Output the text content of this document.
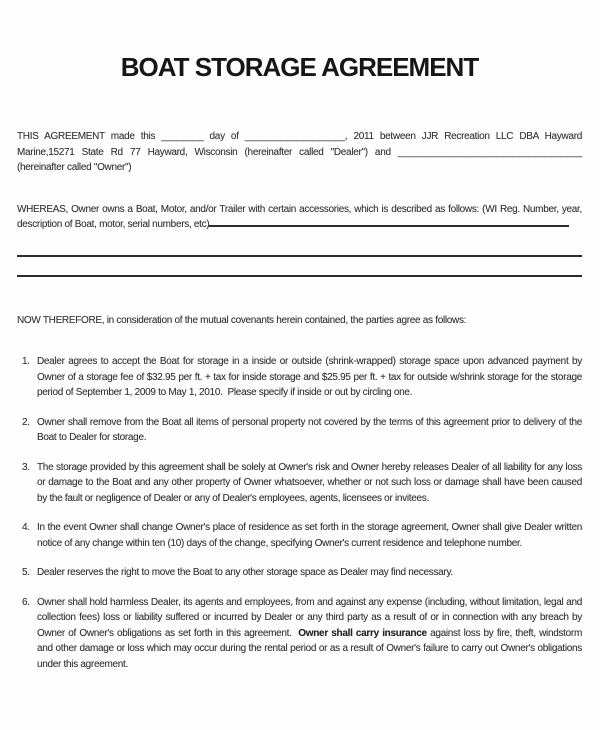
BOAT STORAGE AGREEMENT

THIS AGREEMENT made this ________ day of ___________________, 2011 between JJR Recreation LLC DBA Hayward Marine,15271 State Rd 77 Hayward, Wisconsin (hereinafter called "Dealer") and ___________________________________ (hereinafter called "Owner")

WHEREAS, Owner owns a Boat, Motor, and/or Trailer with certain accessories, which is described as follows: (WI Reg. Number, year, description of Boat, motor, serial numbers, etc)

NOW THEREFORE, in consideration of the mutual covenants herein contained, the parties agree as follows:

1. Dealer agrees to accept the Boat for storage in a inside or outside (shrink-wrapped) storage space upon advanced payment by Owner of a storage fee of $32.95 per ft. + tax for inside storage and $25.95 per ft. + tax for outside w/shrink storage for the storage period of September 1, 2009 to May 1, 2010.  Please specify if inside or out by circling one.

2. Owner shall remove from the Boat all items of personal property not covered by the terms of this agreement prior to delivery of the Boat to Dealer for storage.

3. The storage provided by this agreement shall be solely at Owner's risk and Owner hereby releases Dealer of all liability for any loss or damage to the Boat and any other property of Owner whatsoever, whether or not such loss or damage shall have been caused by the fault or negligence of Dealer or any of Dealer's employees, agents, licensees or invitees.

4. In the event Owner shall change Owner's place of residence as set forth in the storage agreement, Owner shall give Dealer written notice of any change within ten (10) days of the change, specifying Owner's current residence and telephone number.

5. Dealer reserves the right to move the Boat to any other storage space as Dealer may find necessary.

6. Owner shall hold harmless Dealer, its agents and employees, from and against any expense (including, without limitation, legal and collection fees) loss or liability suffered or incurred by Dealer or any third party as a result of or in connection with any breach by Owner of Owner's obligations as set forth in this agreement.  Owner shall carry insurance against loss by fire, theft, windstorm and other damage or loss which may occur during the rental period or as a result of Owner's failure to carry out Owner's obligations under this agreement.
